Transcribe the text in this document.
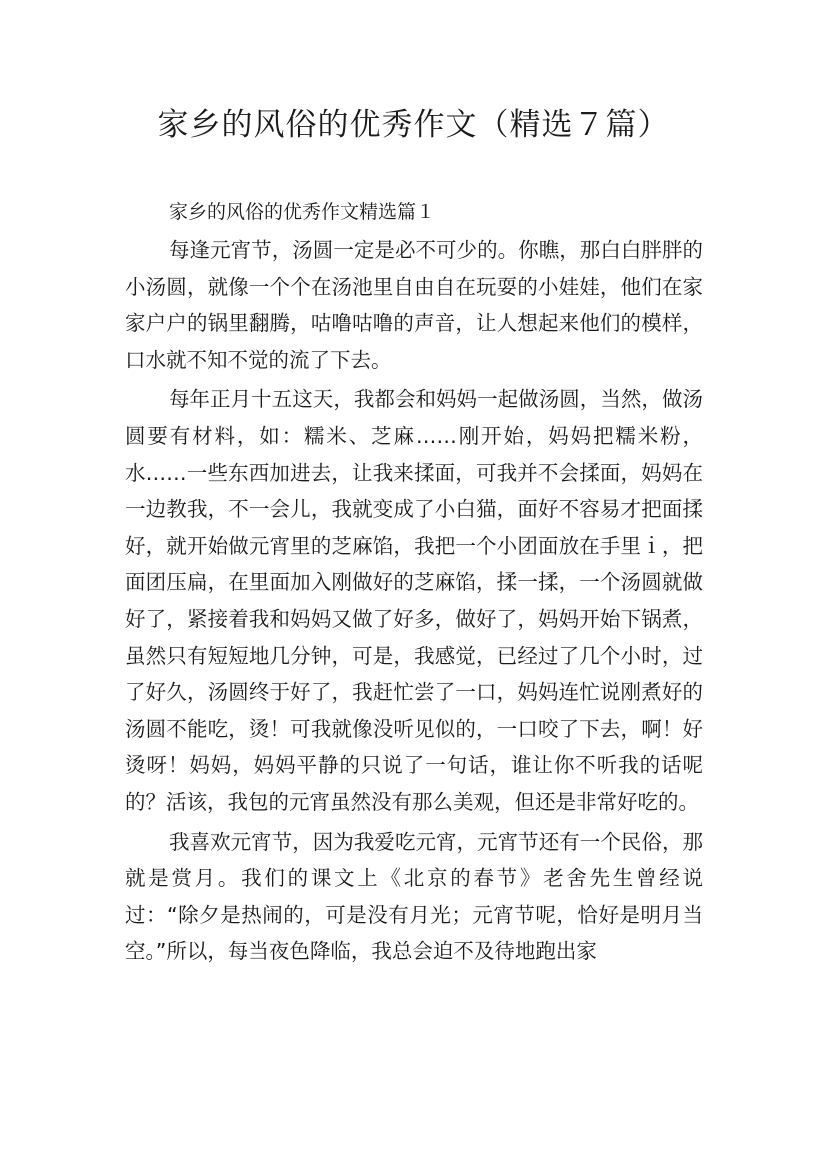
家乡的风俗的优秀作文（精选７篇）
家乡的风俗的优秀作文精选篇１

每逢元宵节，汤圆一定是必不可少的。你瞧，那白白胖胖的小汤圆，就像一个个在汤池里自由自在玩耍的小娃娃，他们在家家户户的锅里翻腾，咕噜咕噜的声音，让人想起来他们的模样，口水就不知不觉的流了下去。

每年正月十五这天，我都会和妈妈一起做汤圆，当然，做汤圆要有材料，如：糯米、芝麻……刚开始，妈妈把糯米粉，水……一些东西加进去，让我来揉面，可我并不会揉面，妈妈在一边教我，不一会儿，我就变成了小白猫，面好不容易才把面揉好，就开始做元宵里的芝麻馅，我把一个小团面放在手里ｉ，把面团压扁，在里面加入刚做好的芝麻馅，揉一揉，一个汤圆就做好了，紧接着我和妈妈又做了好多，做好了，妈妈开始下锅煮，虽然只有短短地几分钟，可是，我感觉，已经过了几个小时，过了好久，汤圆终于好了，我赶忙尝了一口，妈妈连忙说刚煮好的汤圆不能吃，烫！可我就像没听见似的，一口咬了下去，啊！好烫呀！妈妈，妈妈平静的只说了一句话，谁让你不听我的话呢的？活该，我包的元宵虽然没有那么美观，但还是非常好吃的。

我喜欢元宵节，因为我爱吃元宵，元宵节还有一个民俗，那就是赏月。我们的课文上《北京的春节》老舍先生曾经说过：“除夕是热闹的，可是没有月光；元宵节呢，恰好是明月当空。”所以，每当夜色降临，我总会迫不及待地跑出家
